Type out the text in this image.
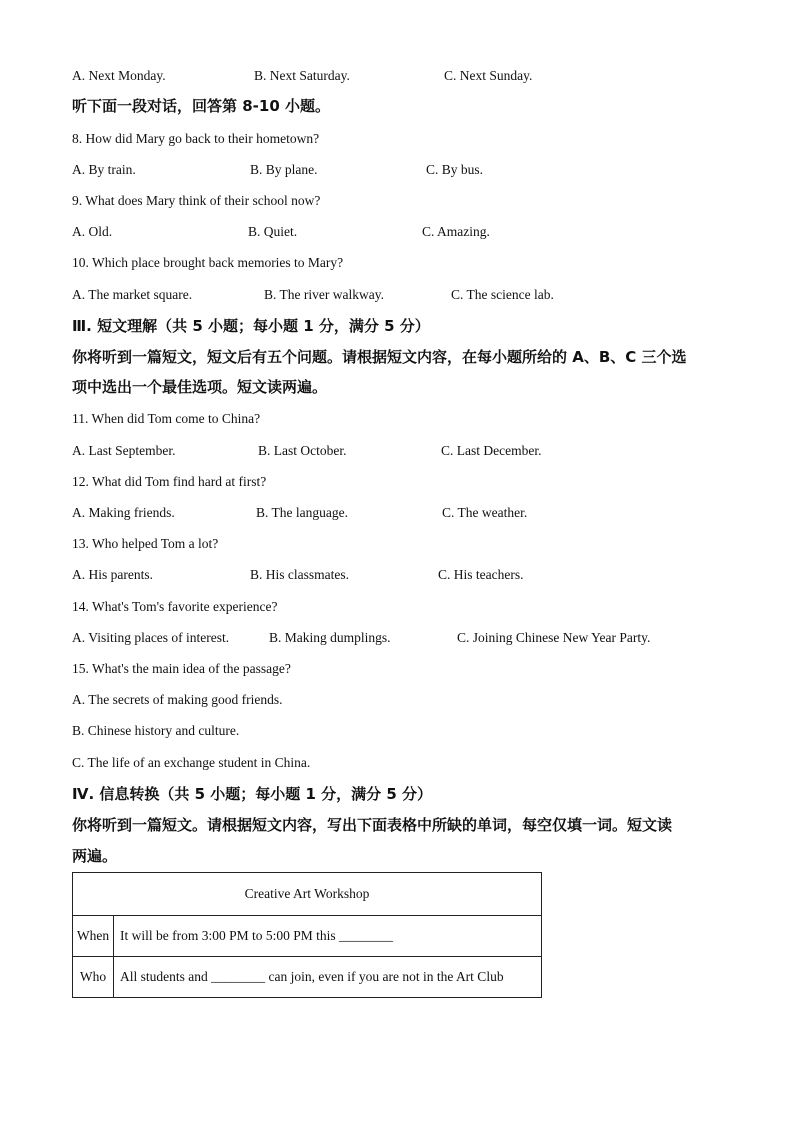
A. Next Monday.	B. Next Saturday.	C. Next Sunday.
听下面一段对话，回答第 8-10 小题。
8. How did Mary go back to their hometown?
A. By train.	B. By plane.	C. By bus.
9. What does Mary think of their school now?
A. Old.	B. Quiet.	C. Amazing.
10. Which place brought back memories to Mary?
A. The market square.	B. The river walkway.	C. The science lab.
Ⅲ. 短文理解（共 5 小题；每小题 1 分，满分 5 分）
你将听到一篇短文，短文后有五个问题。请根据短文内容，在每小题所给的 A、B、C 三个选
项中选出一个最佳选项。短文读两遍。
11. When did Tom come to China?
A. Last September.	B. Last October.	C. Last December.
12. What did Tom find hard at first?
A. Making friends.	B. The language.	C. The weather.
13. Who helped Tom a lot?
A. His parents.	B. His classmates.	C. His teachers.
14. What's Tom's favorite experience?
A. Visiting places of interest.	B. Making dumplings.	C. Joining Chinese New Year Party.
15. What's the main idea of the passage?
A. The secrets of making good friends.
B. Chinese history and culture.
C. The life of an exchange student in China.
Ⅳ. 信息转换（共 5 小题；每小题 1 分，满分 5 分）
你将听到一篇短文。请根据短文内容，写出下面表格中所缺的单词，每空仅填一词。短文读
两遍。
Creative Art Workshop	
When	It will be from 3:00 PM to 5:00 PM this ________
Who	All students and ________ can join, even if you are not in the Art Club
